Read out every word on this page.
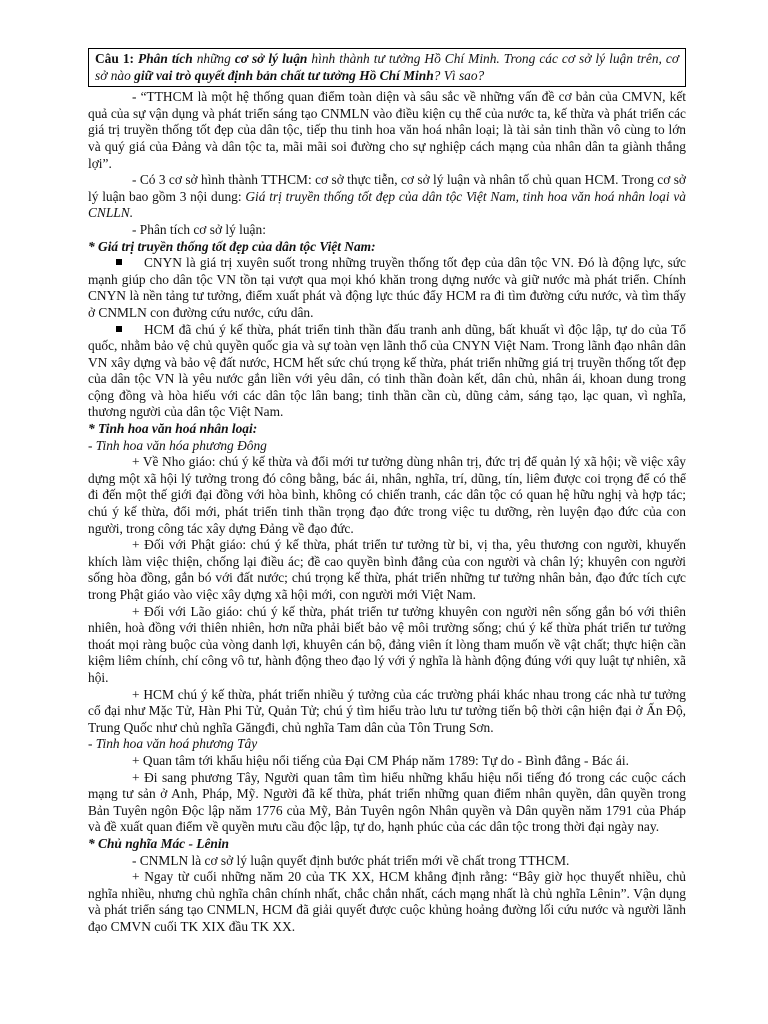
Câu 1: Phân tích những cơ sở lý luận hình thành tư tưởng Hồ Chí Minh. Trong các cơ sở lý luận trên, cơ sở nào giữ vai trò quyết định bản chất tư tưởng Hồ Chí Minh? Vì sao?

- “TTHCM là một hệ thống quan điểm toàn diện và sâu sắc về những vấn đề cơ bản của CMVN, kết quả của sự vận dụng và phát triển sáng tạo CNMLN vào điều kiện cụ thể của nước ta, kế thừa và phát triển các giá trị truyền thống tốt đẹp của dân tộc, tiếp thu tinh hoa văn hoá nhân loại; là tài sản tinh thần vô cùng to lớn và quý giá của Đảng và dân tộc ta, mãi mãi soi đường cho sự nghiệp cách mạng của nhân dân ta giành thắng lợi”.

- Có 3 cơ sở hình thành TTHCM: cơ sở thực tiễn, cơ sở lý luận và nhân tố chủ quan HCM. Trong cơ sở lý luận bao gồm 3 nội dung: Giá trị truyền thống tốt đẹp của dân tộc Việt Nam, tinh hoa văn hoá nhân loại và CNLLN.

- Phân tích cơ sở lý luận:

* Giá trị truyền thống tốt đẹp của dân tộc Việt Nam:

CNYN là giá trị xuyên suốt trong những truyền thống tốt đẹp của dân tộc VN. Đó là động lực, sức mạnh giúp cho dân tộc VN tồn tại vượt qua mọi khó khăn trong dựng nước và giữ nước mà phát triển. Chính CNYN là nền tảng tư tưởng, điểm xuất phát và động lực thúc đẩy HCM ra đi tìm đường cứu nước, và tìm thấy ở CNMLN con đường cứu nước, cứu dân.

HCM đã chú ý kế thừa, phát triển tinh thần đấu tranh anh dũng, bất khuất vì độc lập, tự do của Tổ quốc, nhằm bảo vệ chủ quyền quốc gia và sự toàn vẹn lãnh thổ của CNYN Việt Nam. Trong lãnh đạo nhân dân VN xây dựng và bảo vệ đất nước, HCM hết sức chú trọng kế thừa, phát triển những giá trị truyền thống tốt đẹp của dân tộc VN là yêu nước gắn liền với yêu dân, có tinh thần đoàn kết, dân chủ, nhân ái, khoan dung trong cộng đồng và hòa hiếu với các dân tộc lân bang; tinh thần cần cù, dũng cảm, sáng tạo, lạc quan, vì nghĩa, thương người của dân tộc Việt Nam.

* Tinh hoa văn hoá nhân loại:

- Tinh hoa văn hóa phương Đông

+ Về Nho giáo: chú ý kế thừa và đổi mới tư tưởng dùng nhân trị, đức trị để quản lý xã hội; về việc xây dựng một xã hội lý tưởng trong đó công bằng, bác ái, nhân, nghĩa, trí, dũng, tín, liêm được coi trọng để có thể đi đến một thế giới đại đồng với hòa bình, không có chiến tranh, các dân tộc có quan hệ hữu nghị và hợp tác; chú ý kế thừa, đổi mới, phát triển tinh thần trọng đạo đức trong việc tu dưỡng, rèn luyện đạo đức của con người, trong công tác xây dựng Đảng về đạo đức.

+ Đối với Phật giáo: chú ý kế thừa, phát triển tư tưởng từ bi, vị tha, yêu thương con người, khuyến khích làm việc thiện, chống lại điều ác; đề cao quyền bình đẳng của con người và chân lý; khuyên con người sống hòa đồng, gắn bó với đất nước; chú trọng kế thừa, phát triển những tư tưởng nhân bản, đạo đức tích cực trong Phật giáo vào việc xây dựng xã hội mới, con người mới Việt Nam.

+ Đối với Lão giáo: chú ý kế thừa, phát triển tư tưởng khuyên con người nên sống gắn bó với thiên nhiên, hoà đồng với thiên nhiên, hơn nữa phải biết bảo vệ môi trường sống; chú ý kế thừa phát triển tư tưởng thoát mọi ràng buộc của vòng danh lợi, khuyên cán bộ, đảng viên ít lòng tham muốn về vật chất; thực hiện cần kiệm liêm chính, chí công vô tư, hành động theo đạo lý với ý nghĩa là hành động đúng với quy luật tự nhiên, xã hội.

+ HCM chú ý kế thừa, phát triển nhiều ý tưởng của các trường phái khác nhau trong các nhà tư tưởng cổ đại như Mặc Tử, Hàn Phi Tử, Quản Tử; chú ý tìm hiểu trào lưu tư tưởng tiến bộ thời cận hiện đại ở Ấn Độ, Trung Quốc như chủ nghĩa Găngđi, chủ nghĩa Tam dân của Tôn Trung Sơn.

- Tinh hoa văn hoá phương Tây

+ Quan tâm tới khẩu hiệu nổi tiếng của Đại CM Pháp năm 1789: Tự do - Bình đẳng - Bác ái.

+ Đi sang phương Tây, Người quan tâm tìm hiểu những khẩu hiệu nổi tiếng đó trong các cuộc cách mạng tư sản ở Anh, Pháp, Mỹ. Người đã kế thừa, phát triển những quan điểm nhân quyền, dân quyền trong Bản Tuyên ngôn Độc lập năm 1776 của Mỹ, Bản Tuyên ngôn Nhân quyền và Dân quyền năm 1791 của Pháp và đề xuất quan điểm về quyền mưu cầu độc lập, tự do, hạnh phúc của các dân tộc trong thời đại ngày nay.

* Chủ nghĩa Mác - Lênin

- CNMLN là cơ sở lý luận quyết định bước phát triển mới về chất trong TTHCM.

+ Ngay từ cuối những năm 20 của TK XX, HCM khẳng định rằng: “Bây giờ học thuyết nhiều, chủ nghĩa nhiều, nhưng chủ nghĩa chân chính nhất, chắc chắn nhất, cách mạng nhất là chủ nghĩa Lênin”. Vận dụng và phát triển sáng tạo CNMLN, HCM đã giải quyết được cuộc khủng hoảng đường lối cứu nước và người lãnh đạo CMVN cuối TK XIX đầu TK XX.
